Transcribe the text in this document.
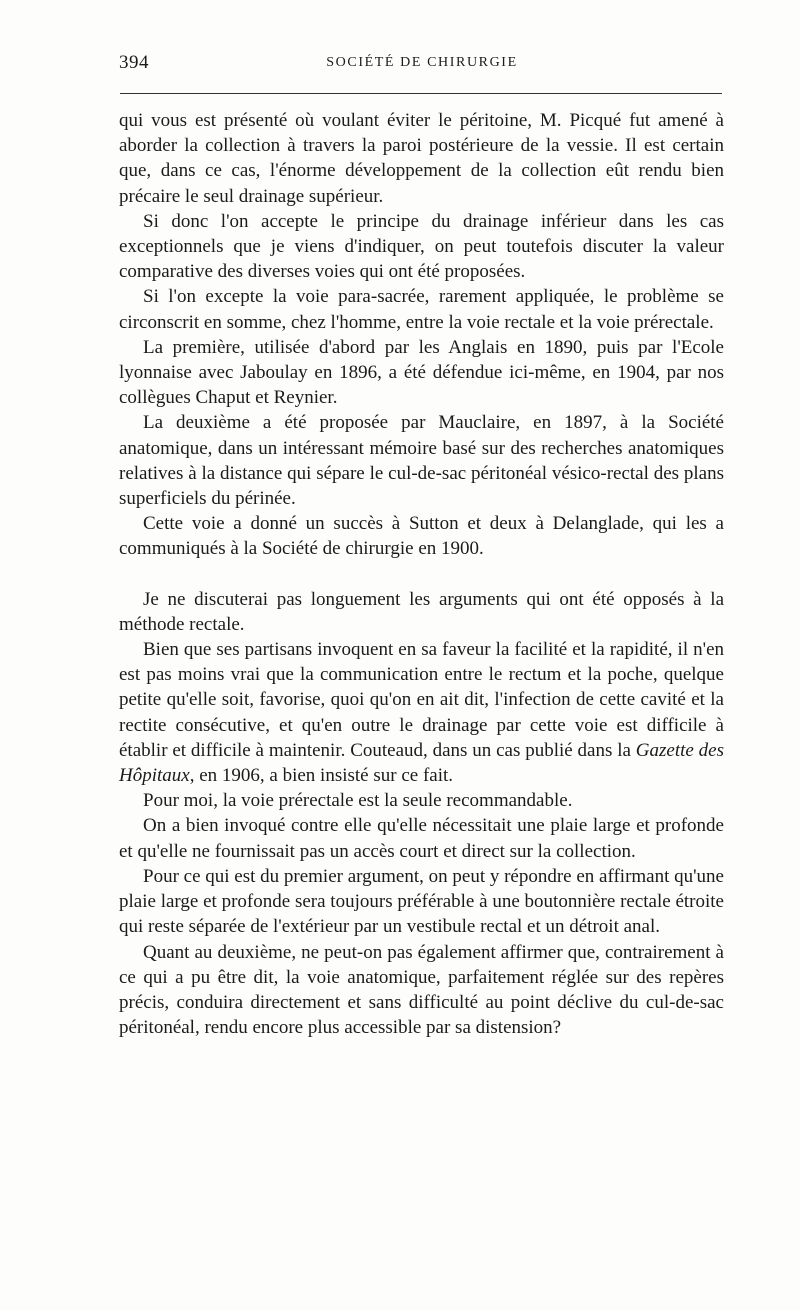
394	SOCIÉTÉ DE CHIRURGIE

qui vous est présenté où voulant éviter le péritoine, M. Picqué fut amené à aborder la collection à travers la paroi postérieure de la vessie. Il est certain que, dans ce cas, l'énorme développement de la collection eût rendu bien précaire le seul drainage supérieur.

Si donc l'on accepte le principe du drainage inférieur dans les cas exceptionnels que je viens d'indiquer, on peut toutefois discuter la valeur comparative des diverses voies qui ont été proposées.

Si l'on excepte la voie para-sacrée, rarement appliquée, le problème se circonscrit en somme, chez l'homme, entre la voie rectale et la voie prérectale.

La première, utilisée d'abord par les Anglais en 1890, puis par l'Ecole lyonnaise avec Jaboulay en 1896, a été défendue ici-même, en 1904, par nos collègues Chaput et Reynier.

La deuxième a été proposée par Mauclaire, en 1897, à la Société anatomique, dans un intéressant mémoire basé sur des recherches anatomiques relatives à la distance qui sépare le cul-de-sac péritonéal vésico-rectal des plans superficiels du périnée.

Cette voie a donné un succès à Sutton et deux à Delanglade, qui les a communiqués à la Société de chirurgie en 1900.

Je ne discuterai pas longuement les arguments qui ont été opposés à la méthode rectale.

Bien que ses partisans invoquent en sa faveur la facilité et la rapidité, il n'en est pas moins vrai que la communication entre le rectum et la poche, quelque petite qu'elle soit, favorise, quoi qu'on en ait dit, l'infection de cette cavité et la rectite consécutive, et qu'en outre le drainage par cette voie est difficile à établir et difficile à maintenir. Couteaud, dans un cas publié dans la Gazette des Hôpitaux, en 1906, a bien insisté sur ce fait.

Pour moi, la voie prérectale est la seule recommandable.

On a bien invoqué contre elle qu'elle nécessitait une plaie large et profonde et qu'elle ne fournissait pas un accès court et direct sur la collection.

Pour ce qui est du premier argument, on peut y répondre en affirmant qu'une plaie large et profonde sera toujours préférable à une boutonnière rectale étroite qui reste séparée de l'extérieur par un vestibule rectal et un détroit anal.

Quant au deuxième, ne peut-on pas également affirmer que, contrairement à ce qui a pu être dit, la voie anatomique, parfaitement réglée sur des repères précis, conduira directement et sans difficulté au point déclive du cul-de-sac péritonéal, rendu encore plus accessible par sa distension?
